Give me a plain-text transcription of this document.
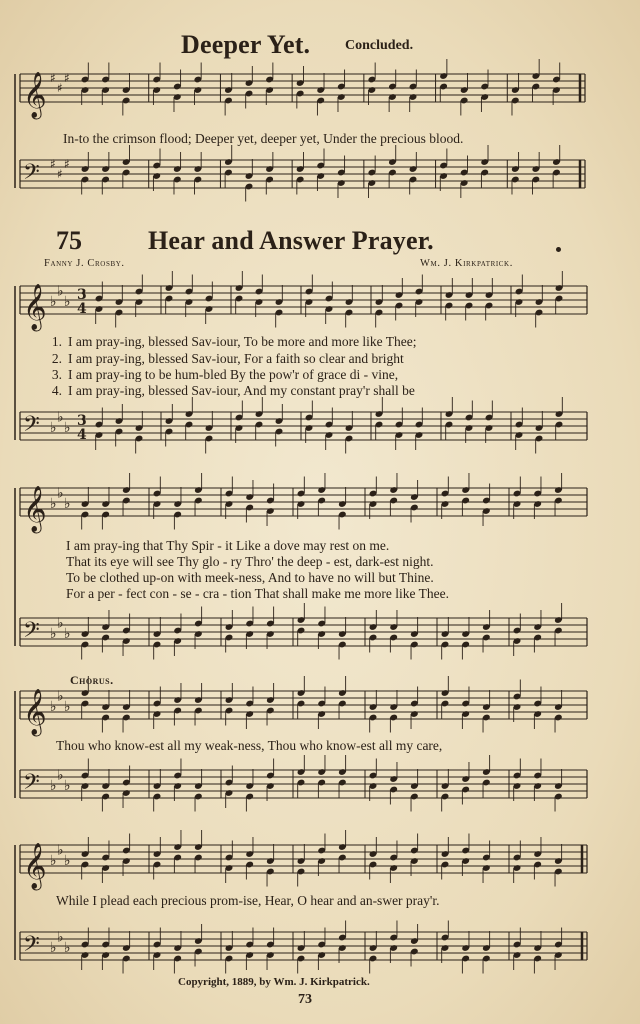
𝄞 ♯
♯
♯
𝄢 ♯
♯
♯
𝄞 ♭
♭
♭ 3
4
𝄢 ♭
♭
♭ 3
4
𝄞 ♭
♭
♭
𝄢 ♭
♭
♭
𝄞 ♭
♭
♭
𝄢 ♭
♭
♭
𝄞 ♭
♭
♭
𝄢 ♭
♭
♭
Deeper Yet. Concluded.
In-to the crimson flood; Deeper yet, deeper yet, Under the precious blood.
75	Hear and Answer Prayer.
Fanny J. Crosby.	Wm. J. Kirkpatrick.
1. I am pray-ing, blessed Sav-iour, To be more and more like Thee;
2. I am pray-ing, blessed Sav-iour, For a faith so clear and bright
3. I am pray-ing to be hum-bled By the pow'r of grace di - vine,
4. I am pray-ing, blessed Sav-iour, And my constant pray'r shall be
I am pray-ing that Thy Spir - it Like a dove may rest on me.
That its eye will see Thy glo - ry Thro' the deep - est, dark-est night.
To be clothed up-on with meek-ness, And to have no will but Thine.
For a per - fect con - se - cra - tion That shall make me more like Thee.
Chorus.
Thou who know-est all my weak-ness, Thou who know-est all my care,
While I plead each precious prom-ise, Hear, O hear and an-swer pray'r.
Copyright, 1889, by Wm. J. Kirkpatrick.
73
